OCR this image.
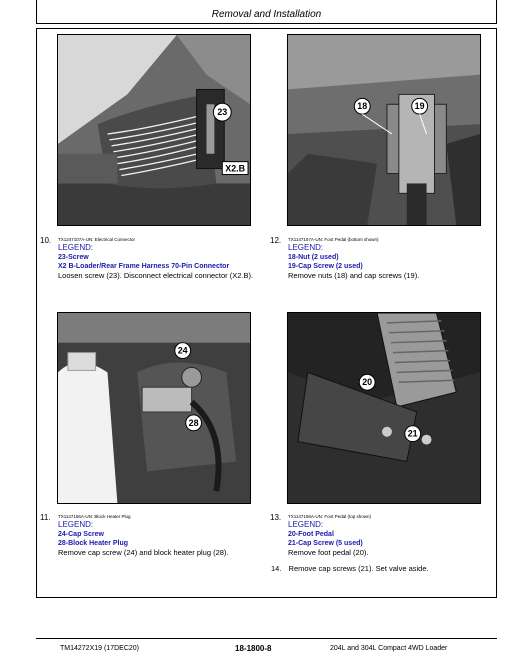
Removal and Installation
23
X2.B
18	19
24
28
20
21
10. TX1247107A-UN: Electrical Connector
LEGEND:
23-Screw
X2 B-Loader/Rear Frame Harness 70-Pin Connector
Loosen screw (23). Disconnect electrical connector (X2.B).
12. TX1147157A-UN: Foot Pedal (bottom shown)
LEGEND:
18-Nut (2 used)
19-Cap Screw (2 used)
Remove nuts (18) and cap screws (19).
11. TX1147156A-UN: Block Heater Plug
LEGEND:
24-Cap Screw
28-Block Heater Plug
Remove cap screw (24) and block heater plug (28).
13. TX1147158A-UN: Foot Pedal (top shown)
LEGEND:
20-Foot Pedal
21-Cap Screw (5 used)
Remove foot pedal (20).
14. Remove cap screws (21). Set valve aside.
TM14272X19 (17DEC20)	18-1800-8	204L and 304L Compact 4WD Loader
